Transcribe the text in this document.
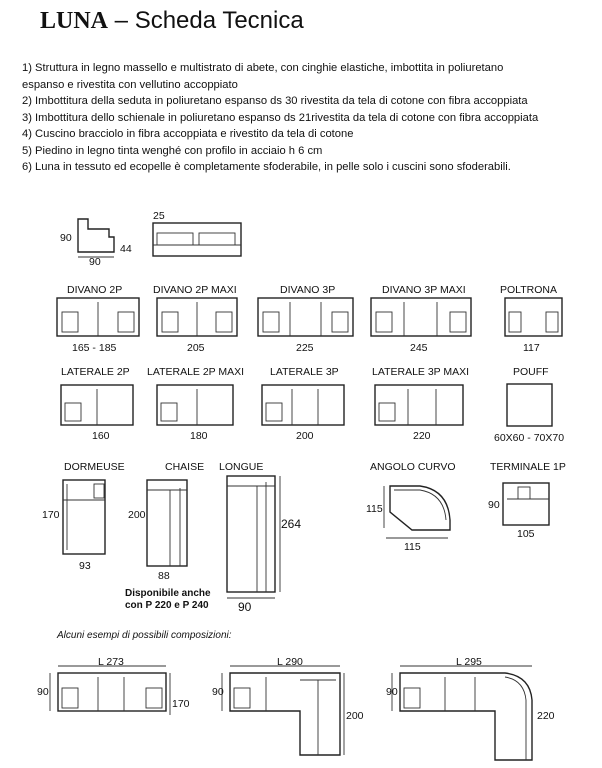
LUNA – Scheda Tecnica
1) Struttura in legno massello e multistrato di abete, con cinghie elastiche, imbottita in poliuretano
espanso e rivestita con vellutino accoppiato
2) Imbottitura della seduta in poliuretano espanso ds 30 rivestita da tela di cotone con fibra accoppiata
3) Imbottitura dello schienale in poliuretano espanso ds 21rivestita da tela di cotone con fibra accoppiata
4) Cuscino bracciolo in fibra accoppiata e rivestito da tela di cotone
5) Piedino in legno tinta wenghé con profilo in acciaio h 6 cm
6) Luna in tessuto ed ecopelle è completamente sfoderabile, in pelle solo i cuscini sono sfoderabili.
90
90
44
25
DIVANO 2P
165 - 185
DIVANO 2P MAXI
205
DIVANO 3P
225
DIVANO 3P MAXI
245
POLTRONA
117
LATERALE 2P
160
LATERALE 2P MAXI
180
LATERALE 3P
200
LATERALE 3P MAXI
220
POUFF
60X60 - 70X70
DORMEUSE
170
93
CHAISE
200
88
LONGUE
264
90
Disponibile anche
con P 220 e P 240
ANGOLO CURVO
115
115
TERMINALE 1P
90
105
Alcuni esempi di possibili composizioni:
L 273
90
170
L 290
90
200
L 295
90
220
